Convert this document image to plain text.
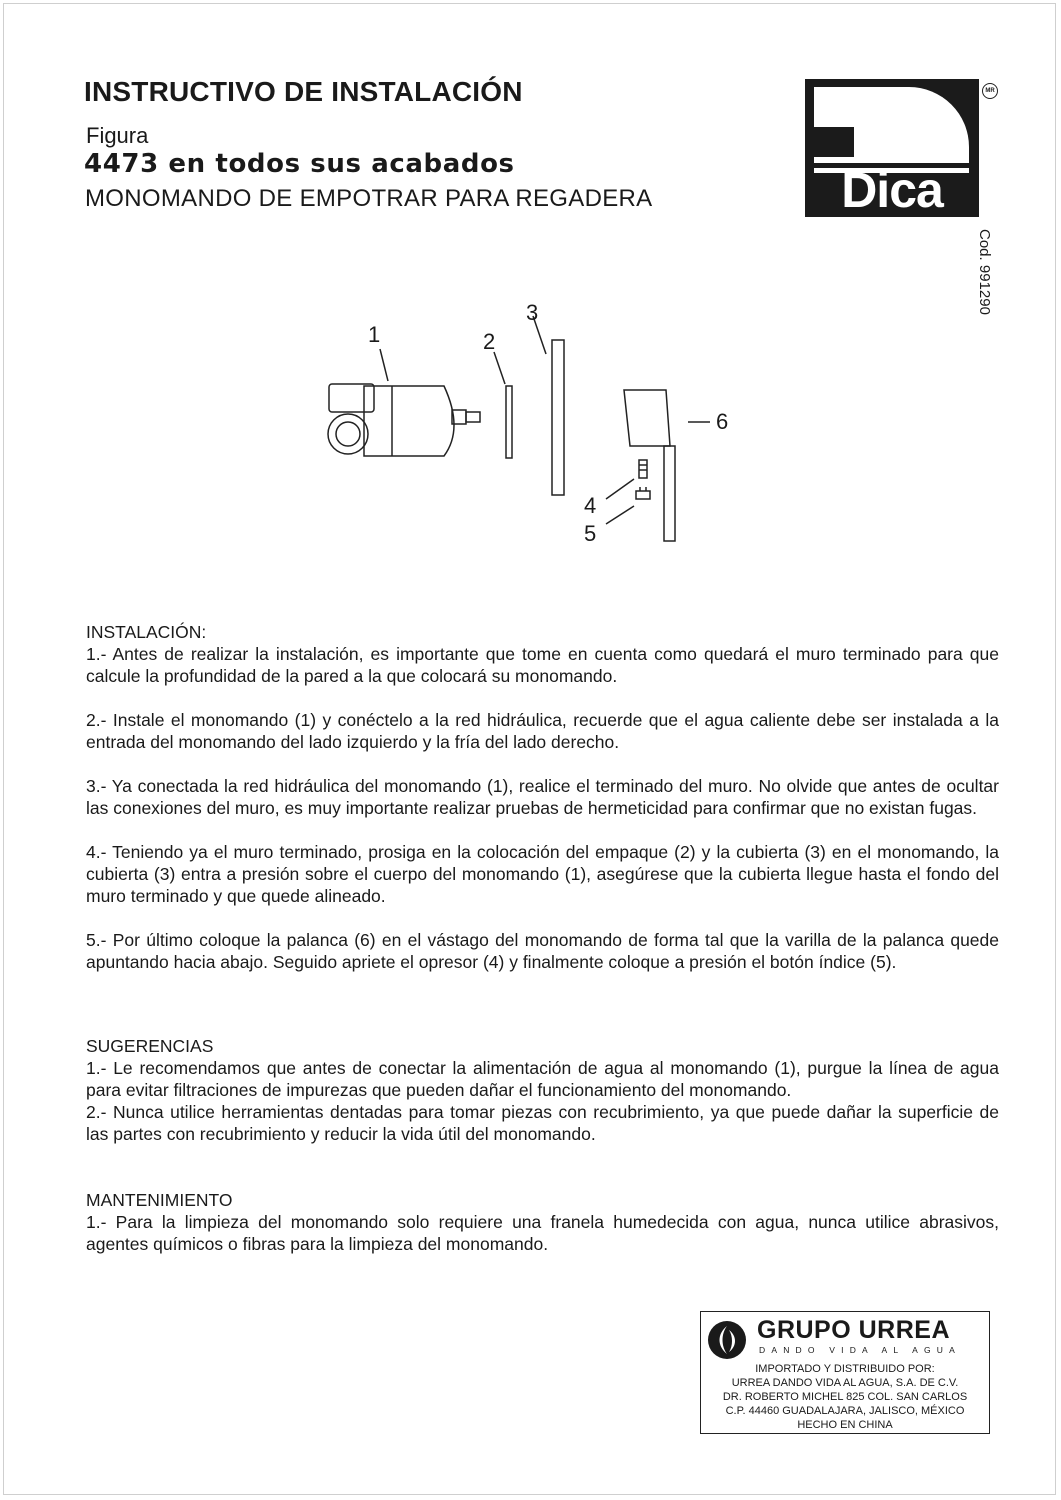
INSTRUCTIVO DE INSTALACIÓN
Figura
4473 en todos sus acabados
MONOMANDO DE EMPOTRAR PARA REGADERA	Dica
MR
Cod. 991290
1	2
3
4
5
6
INSTALACIÓN:

1.- Antes de realizar la instalación, es importante que tome en cuenta como quedará el muro terminado para que calcule la profundidad de la pared a la que colocará su monomando.

2.- Instale el monomando (1) y conéctelo a la red hidráulica, recuerde que el agua caliente debe ser instalada a la entrada del monomando del lado izquierdo y la fría del lado derecho.

3.- Ya conectada la red hidráulica del monomando (1), realice el terminado del muro. No olvide que antes de ocultar las conexiones del muro, es muy importante realizar pruebas de hermeticidad para confirmar que no existan fugas.

4.- Teniendo ya el muro terminado, prosiga en la colocación del empaque (2) y la cubierta (3) en el monomando, la cubierta (3) entra a presión sobre el cuerpo del monomando (1), asegúrese que la cubierta llegue hasta el fondo del muro terminado y que quede alineado.

5.- Por último coloque la palanca (6) en el vástago del monomando de forma tal que la varilla de la palanca quede apuntando hacia abajo. Seguido apriete el opresor (4) y finalmente coloque a presión el botón índice (5).

SUGERENCIAS

1.- Le recomendamos que antes de conectar la alimentación de agua al monomando (1), purgue la línea de agua para evitar filtraciones de impurezas que pueden dañar el funcionamiento del monomando.

2.- Nunca utilice herramientas dentadas para tomar piezas con recubrimiento, ya que puede dañar la superficie de las partes con recubrimiento y reducir la vida útil del monomando.

MANTENIMIENTO

1.- Para la limpieza del monomando solo requiere una franela humedecida con agua, nunca utilice abrasivos, agentes químicos o fibras para la limpieza del monomando.

GRUPO URREA
DANDO VIDA AL AGUA
IMPORTADO Y DISTRIBUIDO POR:
URREA DANDO VIDA AL AGUA, S.A. DE C.V.
DR. ROBERTO MICHEL 825 COL. SAN CARLOS
C.P. 44460 GUADALAJARA, JALISCO, MÉXICO
HECHO EN CHINA
